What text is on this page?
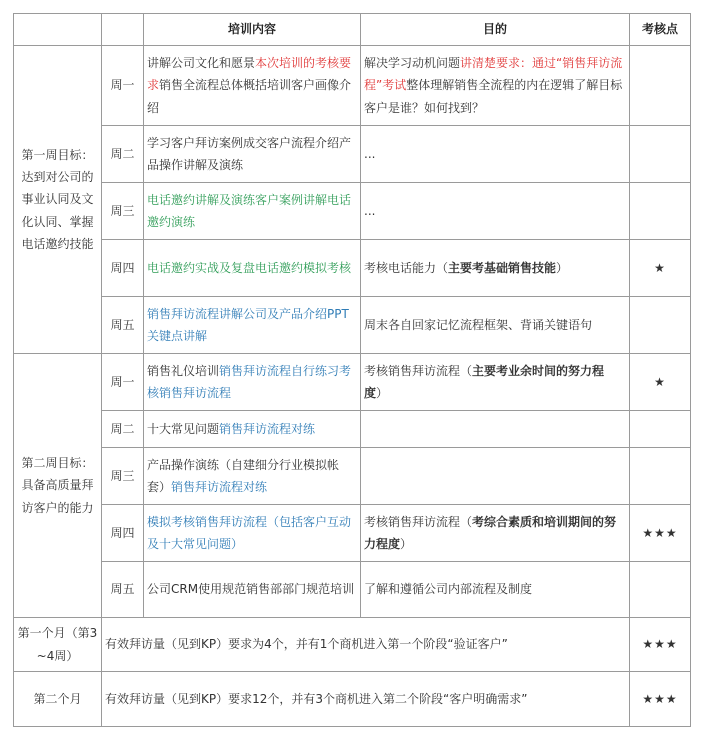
		培训内容	目的	考核点
第一周目标：达到对公司的事业认同及文化认同、掌握电话邀约技能	周一	讲解公司文化和愿景本次培训的考核要求销售全流程总体概括培训客户画像介绍	解决学习动机问题讲清楚要求：通过“销售拜访流程”考试整体理解销售全流程的内在逻辑了解目标客户是谁？如何找到？	
	周二	学习客户拜访案例成交客户流程介绍产品操作讲解及演练	...	
	周三	电话邀约讲解及演练客户案例讲解电话邀约演练	...	
	周四	电话邀约实战及复盘电话邀约模拟考核	考核电话能力（主要考基础销售技能）	★
	周五	销售拜访流程讲解公司及产品介绍PPT关键点讲解	周末各自回家记忆流程框架、背诵关键语句	
第二周目标：具备高质量拜访客户的能力	周一	销售礼仪培训销售拜访流程自行练习考核销售拜访流程	考核销售拜访流程（主要考业余时间的努力程度）	★
	周二	十大常见问题销售拜访流程对练		
	周三	产品操作演练（自建细分行业模拟帐套）销售拜访流程对练		
	周四	模拟考核销售拜访流程（包括客户互动及十大常见问题）	考核销售拜访流程（考综合素质和培训期间的努力程度）	★★★
	周五	公司CRM使用规范销售部部门规范培训	了解和遵循公司内部流程及制度	
第一个月（第3~4周）	有效拜访量（见到KP）要求为4个，并有1个商机进入第一个阶段“验证客户”			★★★
第二个月	有效拜访量（见到KP）要求12个，并有3个商机进入第二个阶段“客户明确需求”			★★★
